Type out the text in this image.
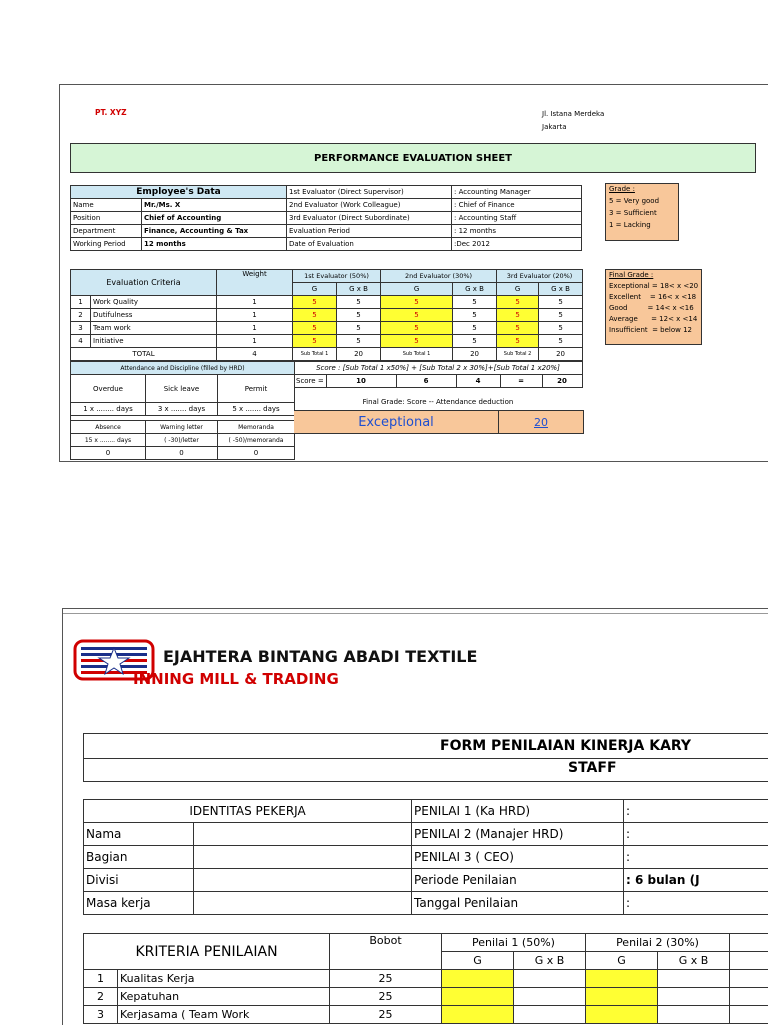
PT. XYZ	Jl. Istana Merdeka
Jakarta
PERFORMANCE EVALUATION SHEET
Employee's Data		1st Evaluator (Direct Supervisor)	: Accounting Manager
Name	Mr./Ms. X	2nd Evaluator (Work Colleague)	: Chief of Finance
Position	Chief of Accounting	3rd Evaluator (Direct Subordinate)	: Accounting Staff
Department	Finance, Accounting & Tax	Evaluation Period	: 12 months
Working Period	12 months	Date of Evaluation	:Dec 2012
Grade :
5 = Very good
3 = Sufficient
1 = Lacking
Evaluation Criteria		Weight	1st Evaluator (50%)		2nd Evaluator (30%)		3rd Evaluator (20%)	
			G	G x B	G	G x B	G	G x B
1	Work Quality	1	5	5	5	5	5	5
2	Dutifulness	1	5	5	5	5	5	5
3	Team work	1	5	5	5	5	5	5
4	Initiative	1	5	5	5	5	5	5
TOTAL		4	Sub Total 1	20	Sub Total 1	20	Sub Total 2	20
Final Grade :
Exceptional = 18< x <20
Excellent    = 16< x <18
Good         = 14< x <16
Average      = 12< x <14
Insufficient  = below 12
Attendance and Discipline (filled by HRD)		
Overdue	Sick leave	Permit
1 x ........ days	3 x ....... days	5 x ....... days

Absence	Warning letter	Memoranda
15 x ........ days	( -30)/letter	( -50)/memoranda
0	0	0
Score : [Sub Total 1 x50%] + [Sub Total 2 x 30%]+[Sub Total 1 x20%]
Score =	10	6	4	=	20
Final Grade: Score -- Attendance deduction
Exceptional	20
EJAHTERA BINTANG ABADI TEXTILE
INNING MILL & TRADING
FORM PENILAIAN KINERJA KARY
STAFF
IDENTITAS PEKERJA		PENILAI 1 (Ka HRD)	:
Nama		PENILAI 2 (Manajer HRD)	:
Bagian		PENILAI 3 ( CEO)	:
Divisi		Periode Penilaian	: 6 bulan (J
Masa kerja		Tanggal Penilaian	:
KRITERIA PENILAIAN		Bobot	Penilai 1 (50%)		Penilai 2 (30%)		
			G	G x B	G	G x B	
1	Kualitas Kerja	25					
2	Kepatuhan	25					
3	Kerjasama ( Team Work	25					
